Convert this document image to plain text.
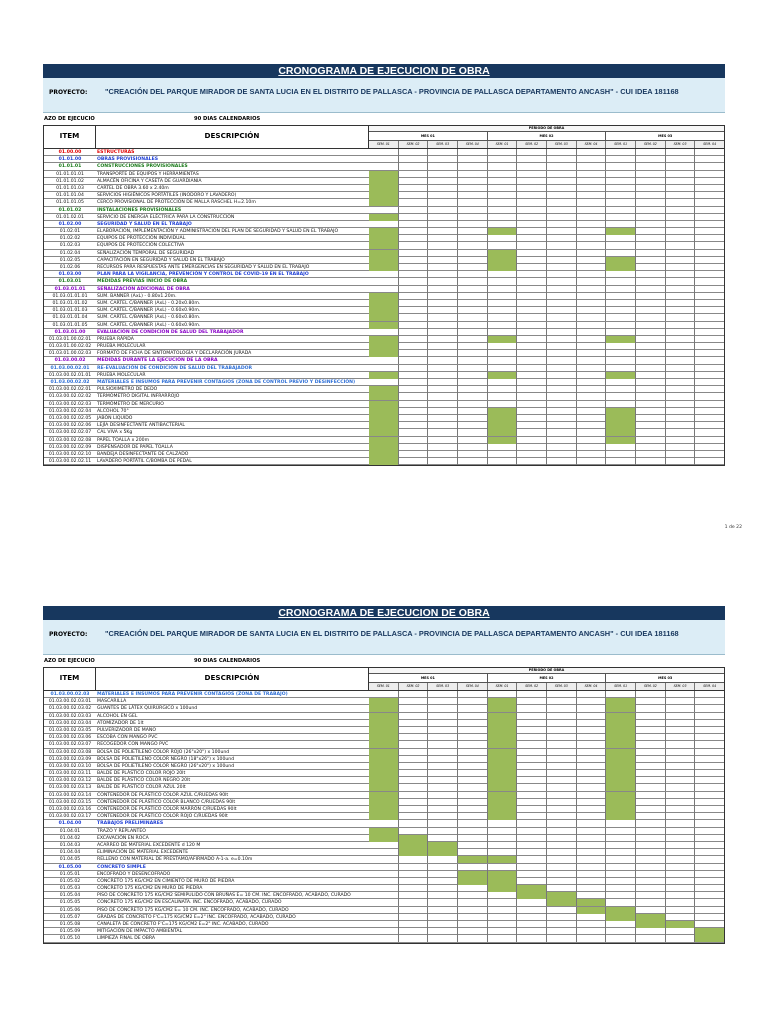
CRONOGRAMA DE EJECUCION DE OBRA
PROYECTO: "CREACIÓN DEL PARQUE MIRADOR DE SANTA LUCIA EN EL DISTRITO DE PALLASCA - PROVINCIA DE PALLASCA DEPARTAMENTO ANCASH" - CUI IDEA 181168
AZO DE EJECUCIO	90 DIAS CALENDARIOS
ITEM	DESCRIPCIÓN
PERIODO DE OBRA
MES 01	MES 02	MES 03
SEM. 01	SEM. 02	SEM. 03	SEM. 04	SEM. 01	SEM. 02	SEM. 03	SEM. 04	SEM. 01	SEM. 02	SEM. 03	SEM. 04
01.00.00	ESTRUCTURAS
01.01.00	OBRAS PROVISIONALES
01.01.01	CONSTRUCCIONES PROVISIONALES
01.01.01.01	TRANSPORTE DE EQUIPOS Y HERRAMIENTAS
01.01.01.02	ALMACÉN OFICINA Y CASETA DE GUARDIANIA
01.01.01.03	CARTEL DE OBRA 3.60 x 2.40m
01.01.01.04	SERVICIOS HIGIÉNICOS PORTÁTILES (INODORO Y LAVADERO)
01.01.01.05	CERCO PROVISIONAL DE PROTECCIÓN DE MALLA RASCHEL H=2.10m
01.01.02	INSTALACIONES PROVISIONALES
01.01.02.01	SERVICIO DE ENERGIA ELÉCTRICA PARA LA CONSTRUCCION
01.02.00	SEGURIDAD Y SALUD EN EL TRABAJO
01.02.01	ELABORACIÓN, IMPLEMENTACIÓN Y ADMINISTRACIÓN DEL PLAN DE SEGURIDAD Y SALUD EN EL TRABAJO
01.02.02	EQUIPOS DE PROTECCIÓN INDIVIDUAL
01.02.03	EQUIPOS DE PROTECCIÓN COLECTIVA
01.02.04	SEÑALIZACIÓN TEMPORAL DE SEGURIDAD
01.02.05	CAPACITACIÓN EN SEGURIDAD Y SALUD EN EL TRABAJO
01.02.06	RECURSOS PARA RESPUESTAS ANTE EMERGENCIAS EN SEGURIDAD Y SALUD EN EL TRABAJO
01.03.00	PLAN PARA LA VIGILANCIA, PREVENCIÓN Y CONTROL DE COVID-19 EN EL TRABAJO
01.03.01	MEDIDAS PREVIAS INICIO DE OBRA
01.03.01.01	SEÑALIZACIÓN ADICIONAL DE OBRA
01.03.01.01.01	SUM. BANNER (AxL) - 0.80x1.20m.
01.03.01.01.02	SUM. CARTEL C/BANNER (AxL) - 0.20x0.80m.
01.03.01.01.03	SUM. CARTEL C/BANNER (AxL) - 0.60x0.90m.
01.03.01.01.04	SUM. CARTEL C/BANNER (AxL) - 0.60x0.80m.
01.03.01.01.05	SUM. CARTEL C/BANNER (AxL) - 0.60x0.90m.
01.03.01.00	EVALUACIÓN DE CONDICIÓN DE SALUD DEL TRABAJADOR
01.03.01.00.02.01	PRUEBA RÁPIDA
01.03.01.00.02.02	PRUEBA MOLECULAR
01.03.01.00.02.03	FORMATO DE FICHA DE SINTOMATOLOGÍA Y DECLARACIÓN JURADA
01.03.00.02	MEDIDAS DURANTE LA EJECUCIÓN DE LA OBRA
01.03.00.02.01	RE-EVALUACIÓN DE CONDICIÓN DE SALUD DEL TRABAJADOR
01.03.00.02.01.01	PRUEBA MOLECULAR
01.03.00.02.02	MATERIALES E INSUMOS PARA PREVENIR CONTAGIOS (ZONA DE CONTROL PREVIO Y DESINFECCIÓN)
01.03.00.02.02.01	PULSIOXIMETRO DE DEDO
01.03.00.02.02.02	TERMÓMETRO DIGITAL INFRARROJO
01.03.00.02.02.03	TERMÓMETRO DE MERCURIO
01.03.00.02.02.04	ALCOHOL 70°
01.03.00.02.02.05	JABÓN LIQUIDO
01.03.00.02.02.06	LEJÍA DESINFECTANTE ANTIBACTERIAL
01.03.00.02.02.07	CAL VIVA x 5Kg
01.03.00.02.02.08	PAPEL TOALLA x 200m
01.03.00.02.02.09	DISPENSADOR DE PAPEL TOALLA
01.03.00.02.02.10	BANDEJA DESINFECTANTE DE CALZADO
01.03.00.02.02.11	LAVADERO PORTÁTIL C/BOMBA DE PEDAL
1 de 22
CRONOGRAMA DE EJECUCION DE OBRA
PROYECTO: "CREACIÓN DEL PARQUE MIRADOR DE SANTA LUCIA EN EL DISTRITO DE PALLASCA - PROVINCIA DE PALLASCA DEPARTAMENTO ANCASH" - CUI IDEA 181168
AZO DE EJECUCIO	90 DIAS CALENDARIOS
ITEM	DESCRIPCIÓN
PERIODO DE OBRA
MES 01	MES 02	MES 03
SEM. 01	SEM. 02	SEM. 03	SEM. 04	SEM. 01	SEM. 02	SEM. 03	SEM. 04	SEM. 01	SEM. 02	SEM. 03	SEM. 04
01.03.00.02.03	MATERIALES E INSUMOS PARA PREVENIR CONTAGIOS (ZONA DE TRABAJO)
01.03.00.02.03.01	MASCARILLA
01.03.00.02.03.02	GUANTES DE LÁTEX QUIRÚRGICO x 100und
01.03.00.02.03.03	ALCOHOL EN GEL
01.03.00.02.03.04	ATOMIZADOR DE 1lt
01.03.00.02.03.05	PULVERIZADOR DE MANO
01.03.00.02.03.06	ESCOBA CON MANGO PVC
01.03.00.02.03.07	RECOGEDOR CON MANGO PVC
01.03.00.02.03.08	BOLSA DE POLIETILENO COLOR ROJO (26"x20") x 100und
01.03.00.02.03.09	BOLSA DE POLIETILENO COLOR NEGRO (18"x26") x 100und
01.03.00.02.03.10	BOLSA DE POLIETILENO COLOR NEGRO (26"x20") x 100und
01.03.00.02.03.11	BALDE DE PLÁSTICO COLOR ROJO 20lt
01.03.00.02.03.12	BALDE DE PLÁSTICO COLOR NEGRO 20lt
01.03.00.02.03.13	BALDE DE PLÁSTICO COLOR AZUL 20lt
01.03.00.02.03.14	CONTENEDOR DE PLÁSTICO COLOR AZUL C/RUEDAS 90lt
01.03.00.02.03.15	CONTENEDOR DE PLÁSTICO COLOR BLANCO C/RUEDAS 90lt
01.03.00.02.03.16	CONTENEDOR DE PLÁSTICO COLOR MARRÓN C/RUEDAS 90lt
01.03.00.02.03.17	CONTENEDOR DE PLÁSTICO COLOR ROJO C/RUEDAS 90lt
01.04.00	TRABAJOS PRELIMINARES
01.04.01	TRAZO Y REPLANTEO
01.04.02	EXCAVACIÓN EN ROCA
01.04.03	ACARREO DE MATERIAL EXCEDENTE d 120 M
01.04.04	ELIMINACIÓN DE MATERIAL EXCEDENTE
01.04.05	RELLENO CON MATERIAL DE PRESTAMO/AFIRMADO A-1-a. e=0.10m
01.05.00	CONCRETO SIMPLE
01.05.01	ENCOFRADO Y DESENCOFRADO
01.05.02	CONCRETO 175 KG/CM2 EN CIMIENTO DE MURO DE PIEDRA
01.05.03	CONCRETO 175 KG/CM2 EN MURO DE PIEDRA
01.05.04	PISO DE CONCRETO 175 KG/CM2 SEMIPULIDO CON BRUÑAS E= 10 CM. INC. ENCOFRADO, ACABADO, CURADO
01.05.05	CONCRETO 175 KG/CM2 EN ESCALINATA. INC. ENCOFRADO, ACABADO, CURADO
01.05.06	PISO DE CONCRETO 175 KG/CM2 E= 10 CM. INC. ENCOFRADO, ACABADO, CURADO
01.05.07	GRADAS DE CONCRETO F'C=175 KG/CM2 E=2" INC. ENCOFRADO, ACABADO, CURADO
01.05.08	CANALETA DE CONCRETO F'C=175 KG/CM2 E=2" INC. ACABADO, CURADO
01.05.09	MITIGACIÓN DE IMPACTO AMBIENTAL
01.05.10	LIMPIEZA FINAL DE OBRA
